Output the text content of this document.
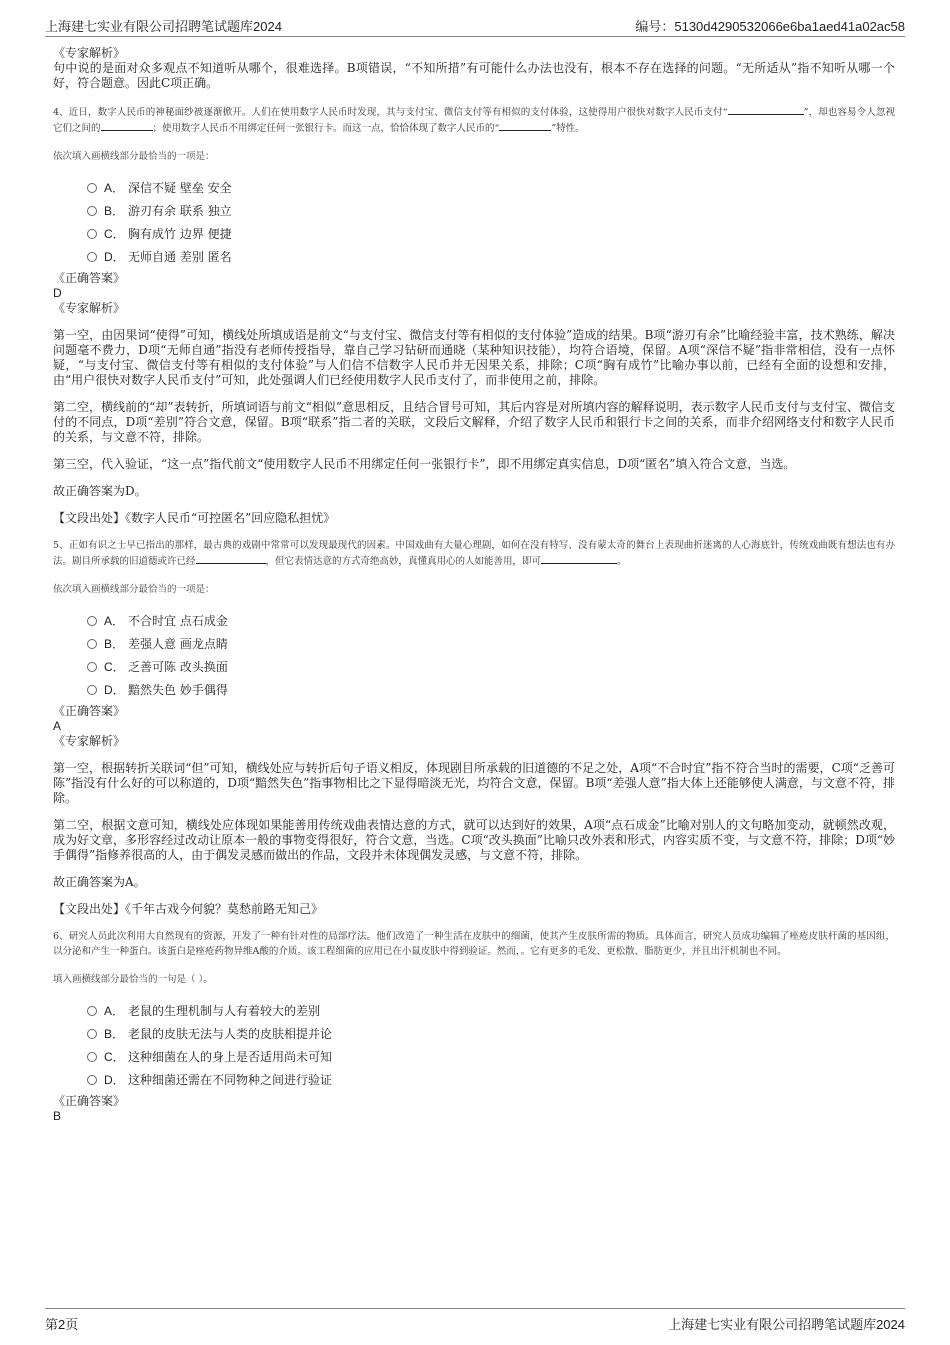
上海建七实业有限公司招聘笔试题库2024	编号：5130d4290532066e6ba1aed41a02ac58
《专家解析》
句中说的是面对众多观点不知道听从哪个，很难选择。B项错误，“不知所措”有可能什么办法也没有，根本不存在选择的问题。“无所适从”指不知听从哪一个好，符合题意。因此C项正确。
4、近日，数字人民币的神秘面纱被逐渐掀开。人们在使用数字人民币时发现，其与支付宝、微信支付等有相似的支付体验，这使得用户很快对数字人民币支付“	”，却也容易令人忽视它们之间的	；使用数字人民币不用绑定任何一张银行卡。而这一点，恰恰体现了数字人民币的“	”特性。
依次填入画横线部分最恰当的一项是：
A． 深信不疑 壁垒 安全
B． 游刃有余 联系 独立
C． 胸有成竹 边界 便捷
D． 无师自通 差别 匿名
《正确答案》
D
《专家解析》
第一空，由因果词“使得”可知，横线处所填成语是前文“与支付宝、微信支付等有相似的支付体验”造成的结果。B项“游刃有余”比喻经验丰富，技术熟练，解决问题毫不费力，D项“无师自通”指没有老师传授指导，靠自己学习钻研而通晓（某种知识技能），均符合语境，保留。A项“深信不疑”指非常相信，没有一点怀疑，“与支付宝、微信支付等有相似的支付体验”与人们信不信数字人民币并无因果关系，排除；C项“胸有成竹”比喻办事以前，已经有全面的设想和安排，由“用户很快对数字人民币支付”可知，此处强调人们已经使用数字人民币支付了，而非使用之前，排除。
第二空，横线前的“却”表转折，所填词语与前文“相似”意思相反，且结合冒号可知，其后内容是对所填内容的解释说明，表示数字人民币支付与支付宝、微信支付的不同点，D项“差别”符合文意，保留。B项“联系”指二者的关联，文段后文解释，介绍了数字人民币和银行卡之间的关系，而非介绍网络支付和数字人民币的关系，与文意不符，排除。
第三空，代入验证，“这一点”指代前文“使用数字人民币不用绑定任何一张银行卡”，即不用绑定真实信息，D项“匿名”填入符合文意，当选。
故正确答案为D。
【文段出处】《数字人民币“可控匿名”回应隐私担忧》
5、正如有识之士早已指出的那样，最古典的戏剧中常常可以发现最现代的因素。中国戏曲有大量心理剧，如何在没有特写、没有蒙太奇的舞台上表现曲折迷离的人心海底针，传统戏曲既有想法也有办法。剧目所承载的旧道德或许已经	，但它表情达意的方式奇绝高妙，真懂真用心的人如能善用，即可	。
依次填入画横线部分最恰当的一项是：
A． 不合时宜 点石成金
B． 差强人意 画龙点睛
C． 乏善可陈 改头换面
D． 黯然失色 妙手偶得
《正确答案》
A
《专家解析》
第一空，根据转折关联词“但”可知，横线处应与转折后句子语义相反，体现剧目所承载的旧道德的不足之处，A项“不合时宜”指不符合当时的需要，C项“乏善可陈”指没有什么好的可以称道的，D项“黯然失色”指事物相比之下显得暗淡无光，均符合文意，保留。B项“差强人意”指大体上还能够使人满意，与文意不符，排除。
第二空，根据文意可知，横线处应体现如果能善用传统戏曲表情达意的方式，就可以达到好的效果，A项“点石成金”比喻对别人的文句略加变动，就顿然改观，成为好文章，多形容经过改动让原本一般的事物变得很好，符合文意，当选。C项“改头换面”比喻只改外表和形式，内容实质不变，与文意不符，排除；D项“妙手偶得”指修养很高的人，由于偶发灵感而做出的作品，文段并未体现偶发灵感，与文意不符，排除。
故正确答案为A。
【文段出处】《千年古戏今何貌？莫愁前路无知己》
6、研究人员此次利用大自然现有的资源，开发了一种有针对性的局部疗法。他们改造了一种生活在皮肤中的细菌，使其产生皮肤所需的物质。具体而言，研究人员成功编辑了痤疮皮肤杆菌的基因组，以分泌和产生一种蛋白。该蛋白是痤疮药物异维A酸的介质。该工程细菌的应用已在小鼠皮肤中得到验证。然而，。它有更多的毛发、更松散、脂肪更少，并且出汗机制也不同。
填入画横线部分最恰当的一句是（ ）。
A． 老鼠的生理机制与人有着较大的差别
B． 老鼠的皮肤无法与人类的皮肤相提并论
C． 这种细菌在人的身上是否适用尚未可知
D． 这种细菌还需在不同物种之间进行验证
《正确答案》
B
第2页	上海建七实业有限公司招聘笔试题库2024
